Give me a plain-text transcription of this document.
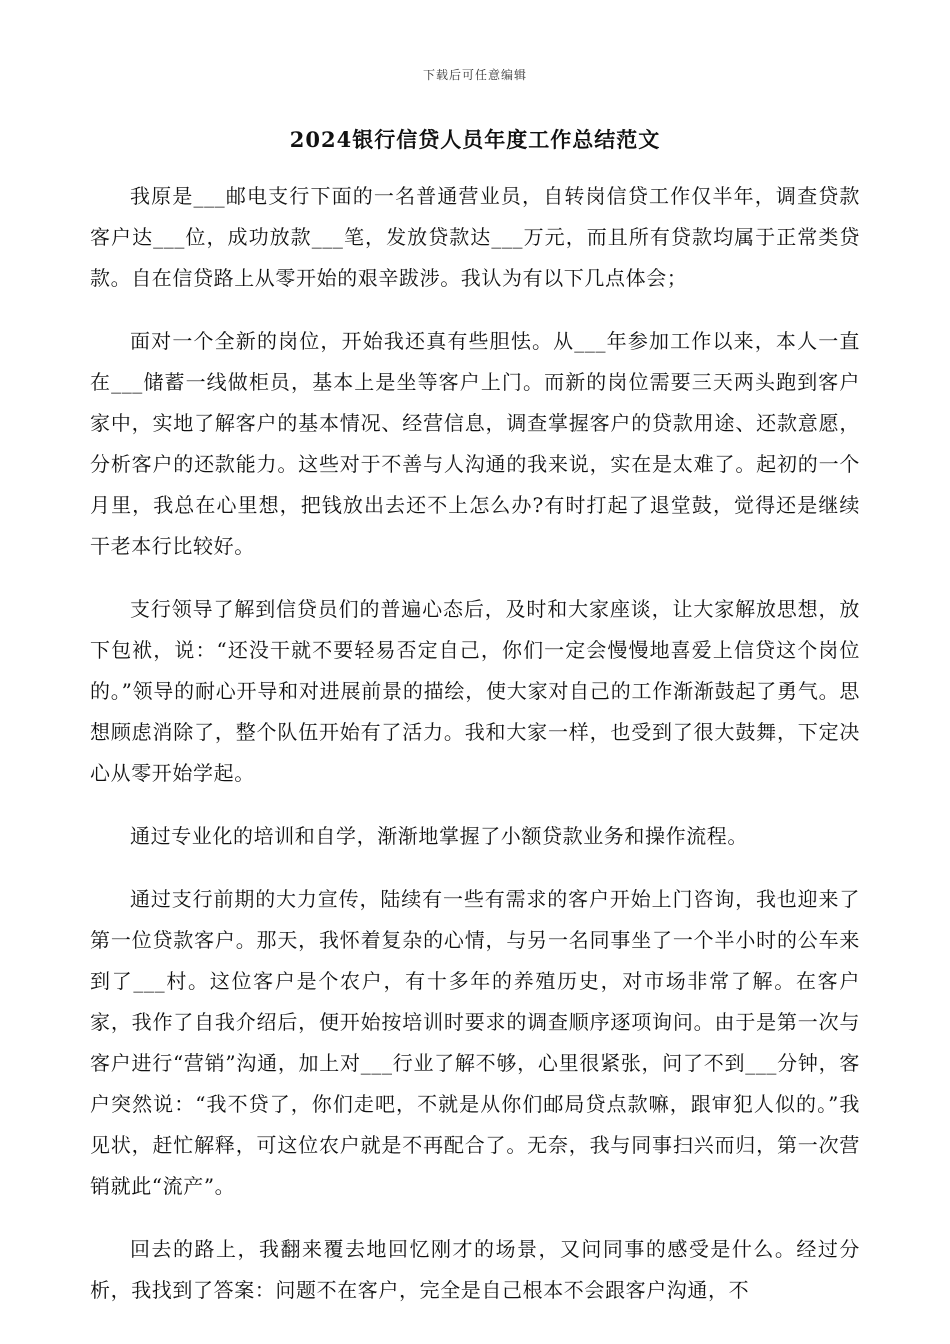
下载后可任意编辑
2024银行信贷人员年度工作总结范文

我原是___邮电支行下面的一名普通营业员，自转岗信贷工作仅半年，调查贷款客户达___位，成功放款___笔，发放贷款达___万元，而且所有贷款均属于正常类贷款。自在信贷路上从零开始的艰辛跋涉。我认为有以下几点体会；

面对一个全新的岗位，开始我还真有些胆怯。从___年参加工作以来，本人一直在___储蓄一线做柜员，基本上是坐等客户上门。而新的岗位需要三天两头跑到客户家中，实地了解客户的基本情况、经营信息，调查掌握客户的贷款用途、还款意愿，分析客户的还款能力。这些对于不善与人沟通的我来说，实在是太难了。起初的一个月里，我总在心里想，把钱放出去还不上怎么办?有时打起了退堂鼓，觉得还是继续干老本行比较好。

支行领导了解到信贷员们的普遍心态后，及时和大家座谈，让大家解放思想，放下包袱，说：“还没干就不要轻易否定自己，你们一定会慢慢地喜爱上信贷这个岗位的。”领导的耐心开导和对进展前景的描绘，使大家对自己的工作渐渐鼓起了勇气。思想顾虑消除了，整个队伍开始有了活力。我和大家一样，也受到了很大鼓舞，下定决心从零开始学起。

通过专业化的培训和自学，渐渐地掌握了小额贷款业务和操作流程。

通过支行前期的大力宣传，陆续有一些有需求的客户开始上门咨询，我也迎来了第一位贷款客户。那天，我怀着复杂的心情，与另一名同事坐了一个半小时的公车来到了___村。这位客户是个农户，有十多年的养殖历史，对市场非常了解。在客户家，我作了自我介绍后，便开始按培训时要求的调查顺序逐项询问。由于是第一次与客户进行“营销”沟通，加上对___行业了解不够，心里很紧张，问了不到___分钟，客户突然说：“我不贷了，你们走吧，不就是从你们邮局贷点款嘛，跟审犯人似的。”我见状，赶忙解释，可这位农户就是不再配合了。无奈，我与同事扫兴而归，第一次营销就此“流产”。

回去的路上，我翻来覆去地回忆刚才的场景，又问同事的感受是什么。经过分析，我找到了答案：问题不在客户，完全是自己根本不会跟客户沟通，不
